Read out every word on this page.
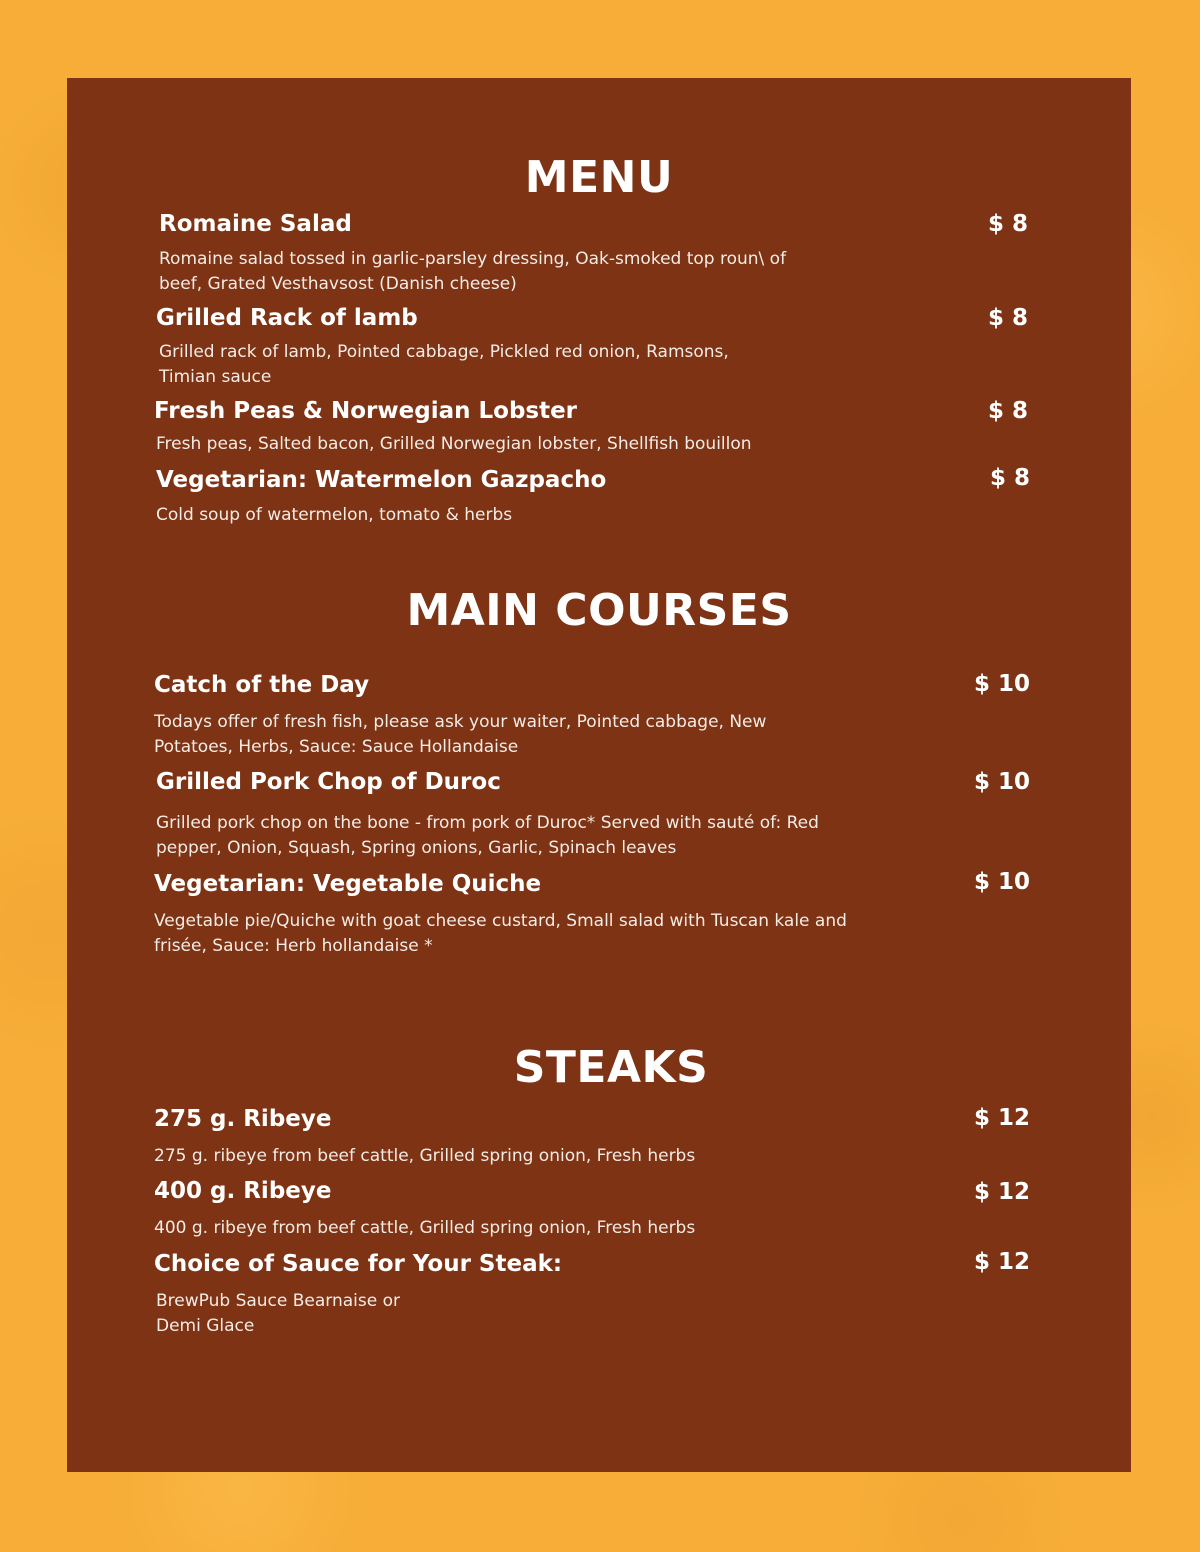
MENU
Romaine Salad	$ 8
Romaine salad tossed in garlic-parsley dressing, Oak-smoked top roun\ of beef, Grated Vesthavsost (Danish cheese)
Grilled Rack of lamb	$ 8
Grilled rack of lamb, Pointed cabbage, Pickled red onion, Ramsons, Timian sauce
Fresh Peas & Norwegian Lobster	$ 8
Fresh peas, Salted bacon, Grilled Norwegian lobster, Shellfish bouillon
Vegetarian: Watermelon Gazpacho	$ 8
Cold soup of watermelon, tomato & herbs
MAIN COURSES
Catch of the Day	$ 10
Todays offer of fresh fish, please ask your waiter, Pointed cabbage, New Potatoes, Herbs, Sauce: Sauce Hollandaise
Grilled Pork Chop of Duroc	$ 10
Grilled pork chop on the bone - from pork of Duroc* Served with sauté of: Red pepper, Onion, Squash, Spring onions, Garlic, Spinach leaves
Vegetarian: Vegetable Quiche	$ 10
Vegetable pie/Quiche with goat cheese custard, Small salad with Tuscan kale and frisée, Sauce: Herb hollandaise *
STEAKS
275 g. Ribeye	$ 12
275 g. ribeye from beef cattle, Grilled spring onion, Fresh herbs
400 g. Ribeye	$ 12
400 g. ribeye from beef cattle, Grilled spring onion, Fresh herbs
Choice of Sauce for Your Steak:	$ 12
BrewPub Sauce Bearnaise or Demi Glace
